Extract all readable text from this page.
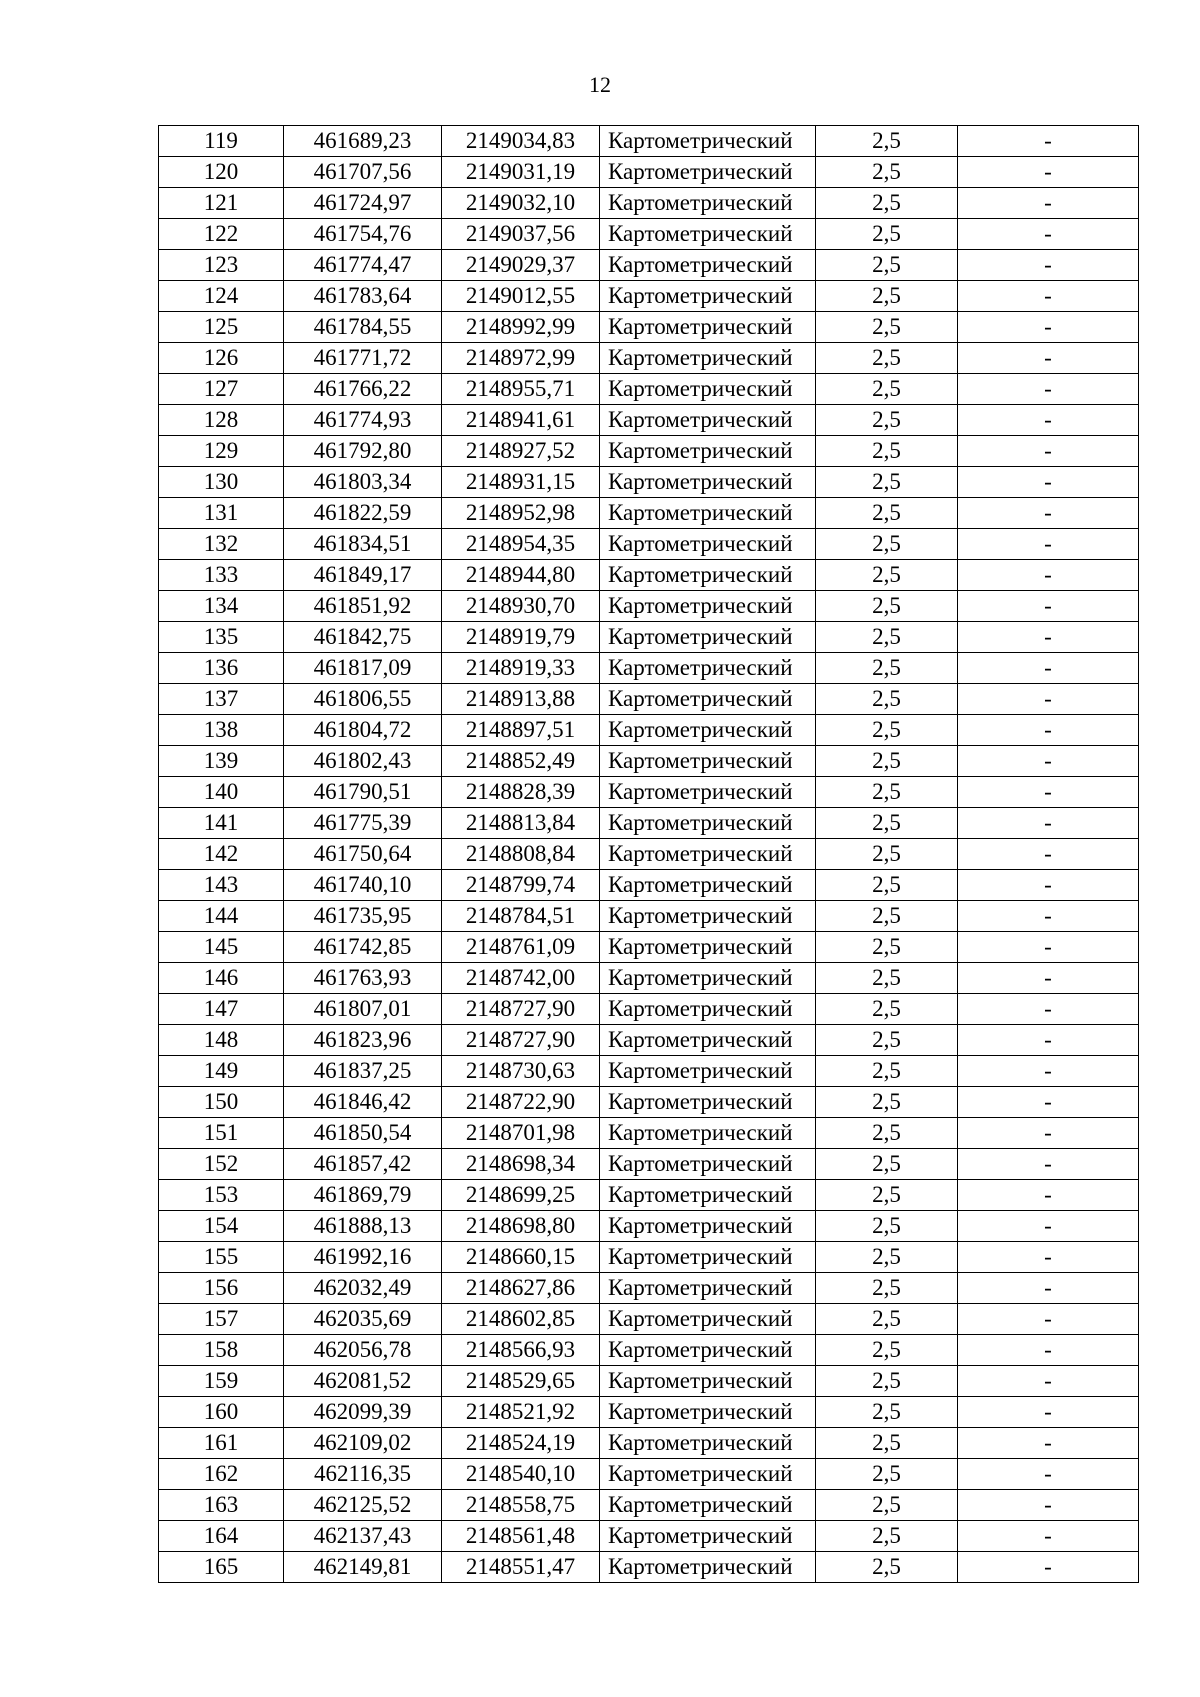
12
119	461689,23	2149034,83	Картометрический	2,5	-
120	461707,56	2149031,19	Картометрический	2,5	-
121	461724,97	2149032,10	Картометрический	2,5	-
122	461754,76	2149037,56	Картометрический	2,5	-
123	461774,47	2149029,37	Картометрический	2,5	-
124	461783,64	2149012,55	Картометрический	2,5	-
125	461784,55	2148992,99	Картометрический	2,5	-
126	461771,72	2148972,99	Картометрический	2,5	-
127	461766,22	2148955,71	Картометрический	2,5	-
128	461774,93	2148941,61	Картометрический	2,5	-
129	461792,80	2148927,52	Картометрический	2,5	-
130	461803,34	2148931,15	Картометрический	2,5	-
131	461822,59	2148952,98	Картометрический	2,5	-
132	461834,51	2148954,35	Картометрический	2,5	-
133	461849,17	2148944,80	Картометрический	2,5	-
134	461851,92	2148930,70	Картометрический	2,5	-
135	461842,75	2148919,79	Картометрический	2,5	-
136	461817,09	2148919,33	Картометрический	2,5	-
137	461806,55	2148913,88	Картометрический	2,5	-
138	461804,72	2148897,51	Картометрический	2,5	-
139	461802,43	2148852,49	Картометрический	2,5	-
140	461790,51	2148828,39	Картометрический	2,5	-
141	461775,39	2148813,84	Картометрический	2,5	-
142	461750,64	2148808,84	Картометрический	2,5	-
143	461740,10	2148799,74	Картометрический	2,5	-
144	461735,95	2148784,51	Картометрический	2,5	-
145	461742,85	2148761,09	Картометрический	2,5	-
146	461763,93	2148742,00	Картометрический	2,5	-
147	461807,01	2148727,90	Картометрический	2,5	-
148	461823,96	2148727,90	Картометрический	2,5	-
149	461837,25	2148730,63	Картометрический	2,5	-
150	461846,42	2148722,90	Картометрический	2,5	-
151	461850,54	2148701,98	Картометрический	2,5	-
152	461857,42	2148698,34	Картометрический	2,5	-
153	461869,79	2148699,25	Картометрический	2,5	-
154	461888,13	2148698,80	Картометрический	2,5	-
155	461992,16	2148660,15	Картометрический	2,5	-
156	462032,49	2148627,86	Картометрический	2,5	-
157	462035,69	2148602,85	Картометрический	2,5	-
158	462056,78	2148566,93	Картометрический	2,5	-
159	462081,52	2148529,65	Картометрический	2,5	-
160	462099,39	2148521,92	Картометрический	2,5	-
161	462109,02	2148524,19	Картометрический	2,5	-
162	462116,35	2148540,10	Картометрический	2,5	-
163	462125,52	2148558,75	Картометрический	2,5	-
164	462137,43	2148561,48	Картометрический	2,5	-
165	462149,81	2148551,47	Картометрический	2,5	-
